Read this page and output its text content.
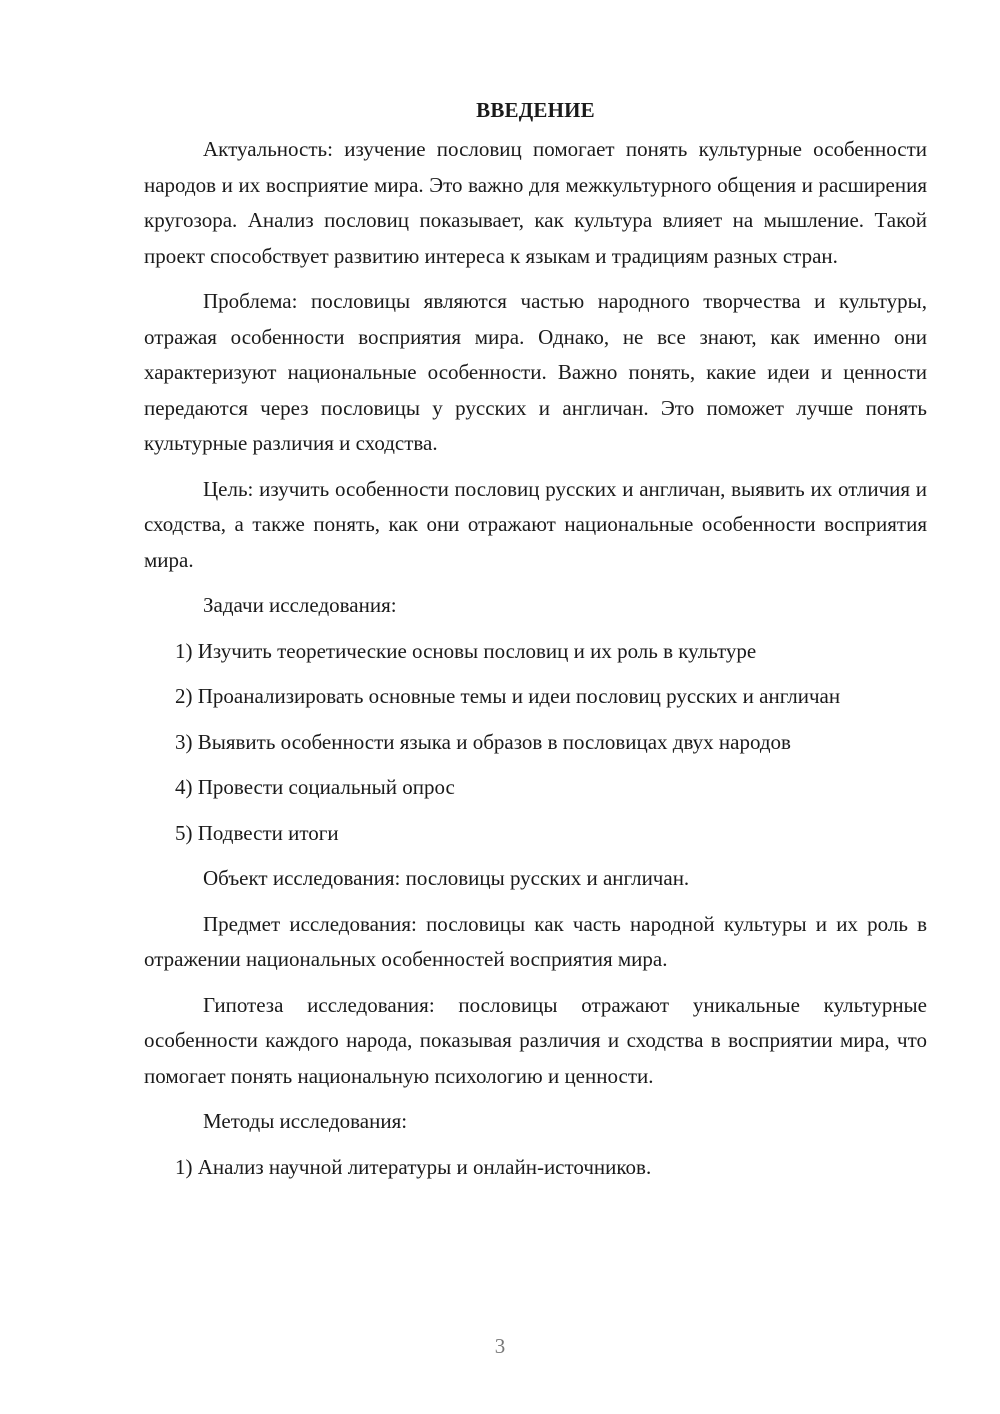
ВВЕДЕНИЕ
Актуальность: изучение пословиц помогает понять культурные особенности народов и их восприятие мира. Это важно для межкультурного общения и расширения кругозора. Анализ пословиц показывает, как культура влияет на мышление. Такой проект способствует развитию интереса к языкам и традициям разных стран.
Проблема: пословицы являются частью народного творчества и культуры, отражая особенности восприятия мира. Однако, не все знают, как именно они характеризуют национальные особенности. Важно понять, какие идеи и ценности передаются через пословицы у русских и англичан. Это поможет лучше понять культурные различия и сходства.
Цель: изучить особенности пословиц русских и англичан, выявить их отличия и сходства, а также понять, как они отражают национальные особенности восприятия мира.
Задачи исследования:
1) Изучить теоретические основы пословиц и их роль в культуре
2) Проанализировать основные темы и идеи пословиц русских и англичан
3) Выявить особенности языка и образов в пословицах двух народов
4) Провести социальный опрос
5) Подвести итоги
Объект исследования: пословицы русских и англичан.
Предмет исследования: пословицы как часть народной культуры и их роль в отражении национальных особенностей восприятия мира.
Гипотеза исследования: пословицы отражают уникальные культурные особенности каждого народа, показывая различия и сходства в восприятии мира, что помогает понять национальную психологию и ценности.
Методы исследования:
1) Анализ научной литературы и онлайн-источников.
3
